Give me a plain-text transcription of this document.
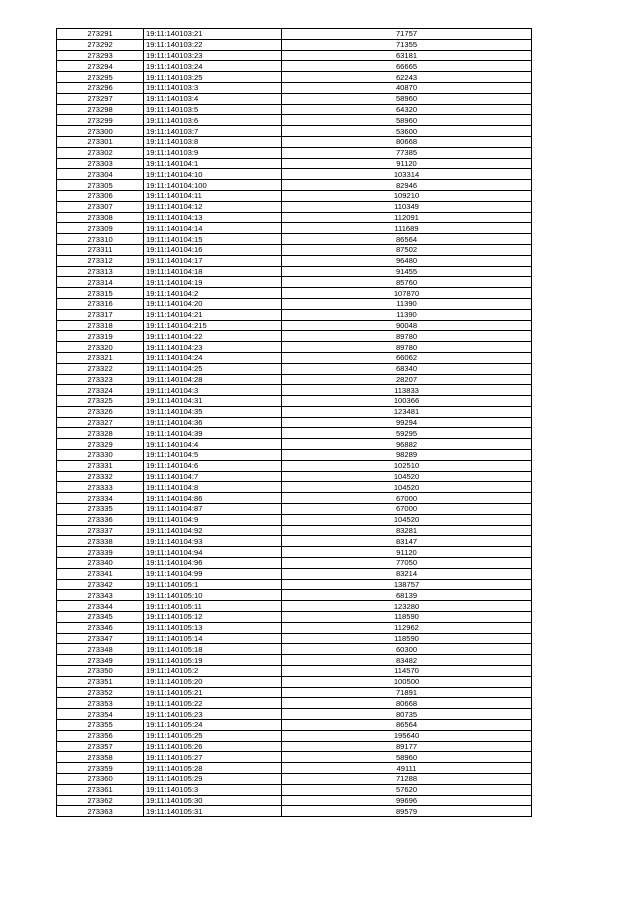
273291	19:11:140103:21	71757
273292	19:11:140103:22	71355
273293	19:11:140103:23	63181
273294	19:11:140103:24	66665
273295	19:11:140103:25	62243
273296	19:11:140103:3	40870
273297	19:11:140103:4	58960
273298	19:11:140103:5	64320
273299	19:11:140103:6	58960
273300	19:11:140103:7	53600
273301	19:11:140103:8	80668
273302	19:11:140103:9	77385
273303	19:11:140104:1	91120
273304	19:11:140104:10	103314
273305	19:11:140104:100	82946
273306	19:11:140104:11	109210
273307	19:11:140104:12	110349
273308	19:11:140104:13	112091
273309	19:11:140104:14	111689
273310	19:11:140104:15	86564
273311	19:11:140104:16	87502
273312	19:11:140104:17	96480
273313	19:11:140104:18	91455
273314	19:11:140104:19	85760
273315	19:11:140104:2	107870
273316	19:11:140104:20	11390
273317	19:11:140104:21	11390
273318	19:11:140104:215	90048
273319	19:11:140104:22	89780
273320	19:11:140104:23	89780
273321	19:11:140104:24	66062
273322	19:11:140104:25	68340
273323	19:11:140104:28	28207
273324	19:11:140104:3	113833
273325	19:11:140104:31	100366
273326	19:11:140104:35	123481
273327	19:11:140104:36	99294
273328	19:11:140104:39	59295
273329	19:11:140104:4	96882
273330	19:11:140104:5	98289
273331	19:11:140104:6	102510
273332	19:11:140104:7	104520
273333	19:11:140104:8	104520
273334	19:11:140104:86	67000
273335	19:11:140104:87	67000
273336	19:11:140104:9	104520
273337	19:11:140104:92	83281
273338	19:11:140104:93	83147
273339	19:11:140104:94	91120
273340	19:11:140104:96	77050
273341	19:11:140104:99	83214
273342	19:11:140105:1	138757
273343	19:11:140105:10	68139
273344	19:11:140105:11	123280
273345	19:11:140105:12	118590
273346	19:11:140105:13	112962
273347	19:11:140105:14	118590
273348	19:11:140105:18	60300
273349	19:11:140105:19	83482
273350	19:11:140105:2	114570
273351	19:11:140105:20	100500
273352	19:11:140105:21	71891
273353	19:11:140105:22	80668
273354	19:11:140105:23	80735
273355	19:11:140105:24	86564
273356	19:11:140105:25	195640
273357	19:11:140105:26	89177
273358	19:11:140105:27	58960
273359	19:11:140105:28	49111
273360	19:11:140105:29	71288
273361	19:11:140105:3	57620
273362	19:11:140105:30	99696
273363	19:11:140105:31	89579
